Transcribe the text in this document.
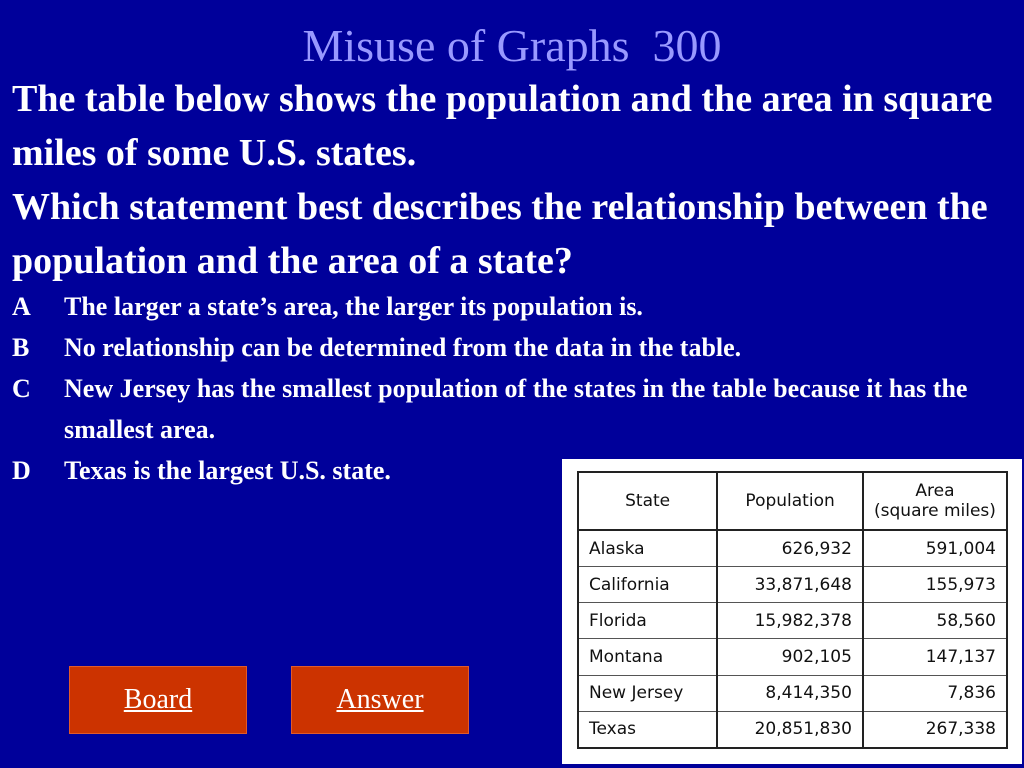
Misuse of Graphs  300

The table below shows the population and the area in square miles of some U.S. states.

Which statement best describes the relationship between the population and the area of a state?

A	The larger a state’s area, the larger its population is.
B	No relationship can be determined from the data in the table.
C	New Jersey has the smallest population of the states in the table because it has the smallest area.
D	Texas is the largest U.S. state.
Board	Answer
State	Population	Area
(square miles)

Alaska	626,932	591,004
California	33,871,648	155,973
Florida	15,982,378	58,560
Montana	902,105	147,137
New Jersey	8,414,350	7,836
Texas	20,851,830	267,338
